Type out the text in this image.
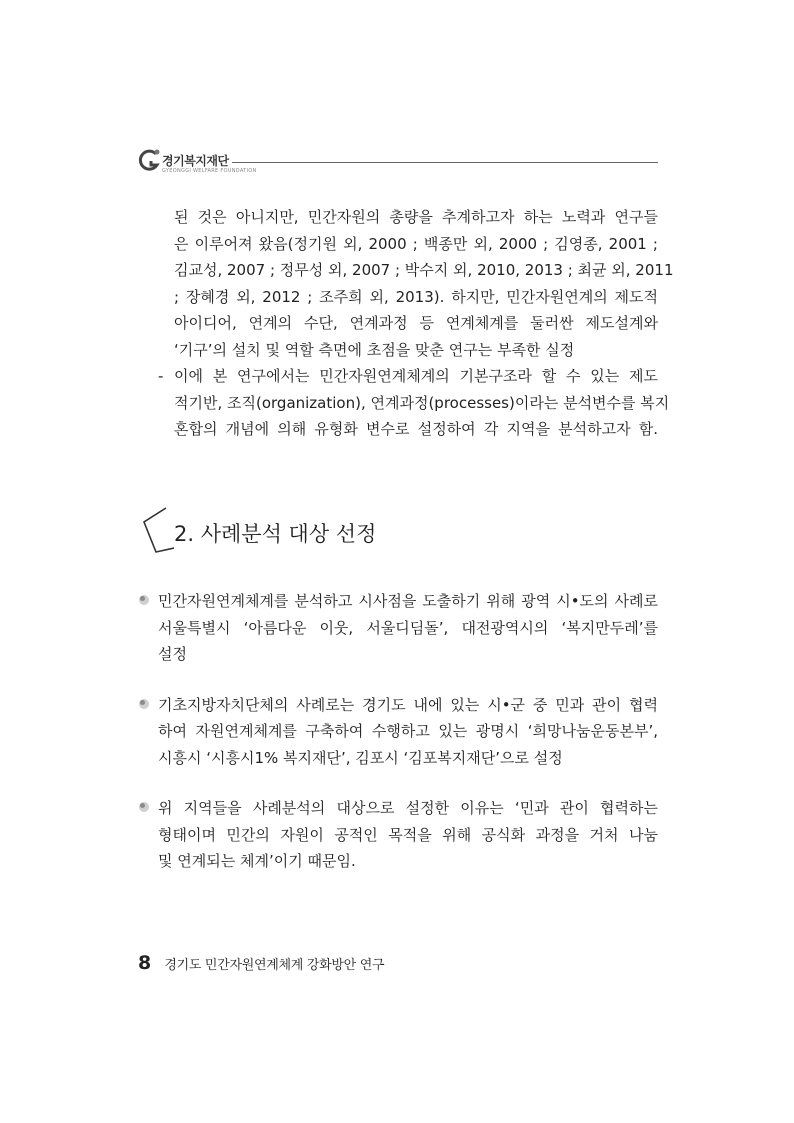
경기복지재단
GYEONGGI WELFARE FOUNDATION
된 것은 아니지만, 민간자원의 총량을 추계하고자 하는 노력과 연구들
은 이루어져 왔음(정기원 외, 2000 ; 백종만 외, 2000 ; 김영종, 2001 ;
김교성, 2007 ; 정무성 외, 2007 ; 박수지 외, 2010, 2013 ; 최균 외, 2011
; 장혜경 외, 2012 ; 조주희 외, 2013). 하지만, 민간자원연계의 제도적
아이디어, 연계의 수단, 연계과정 등 연계체계를 둘러싼 제도설계와
‘기구’의 설치 및 역할 측면에 초점을 맞춘 연구는 부족한 실정
- 이에 본 연구에서는 민간자원연계체계의 기본구조라 할 수 있는 제도
적기반, 조직(organization), 연계과정(processes)이라는 분석변수를 복지
혼합의 개념에 의해 유형화 변수로 설정하여 각 지역을 분석하고자 함.
2. 사례분석 대상 선정
민간자원연계체계를 분석하고 시사점을 도출하기 위해 광역 시•도의 사례로
서울특별시 ‘아름다운 이웃, 서울디딤돌’, 대전광역시의 ‘복지만두레’를
설정
기초지방자치단체의 사례로는 경기도 내에 있는 시•군 중 민과 관이 협력
하여 자원연계체계를 구축하여 수행하고 있는 광명시 ‘희망나눔운동본부’,
시흥시 ‘시흥시1% 복지재단’, 김포시 ‘김포복지재단’으로 설정
위 지역들을 사례분석의 대상으로 설정한 이유는 ‘민과 관이 협력하는
형태이며 민간의 자원이 공적인 목적을 위해 공식화 과정을 거처 나눔
및 연계되는 체계’이기 때문임.
8 경기도 민간자원연계체계 강화방안 연구
